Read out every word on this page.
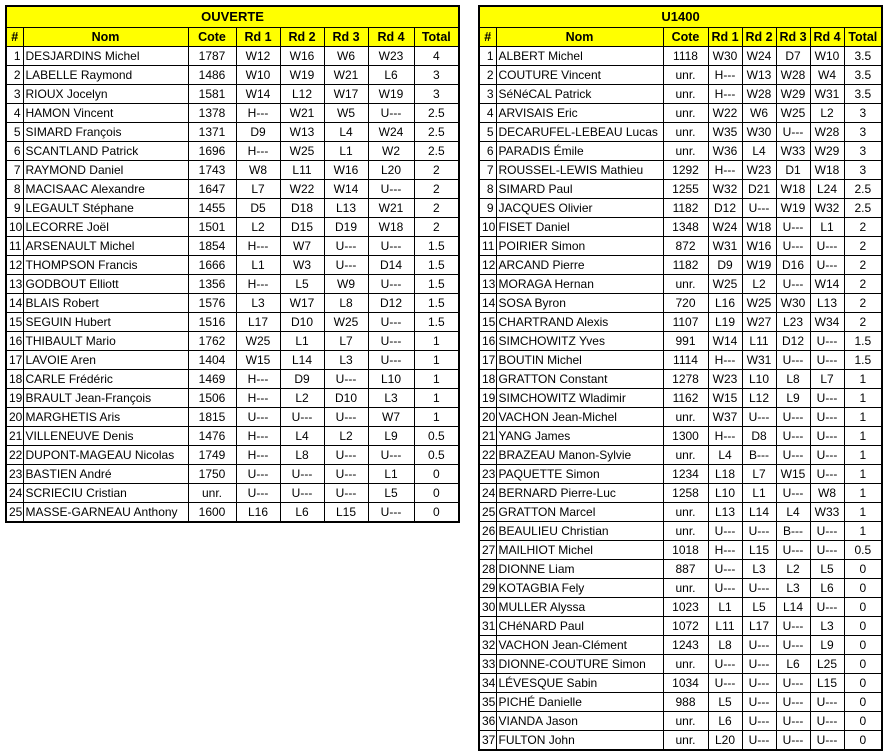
OUVERTE							
#	Nom	Cote	Rd 1	Rd 2	Rd 3	Rd 4	Total
1	DESJARDINS Michel	1787	W12	W16	W6	W23	4
2	LABELLE Raymond	1486	W10	W19	W21	L6	3
3	RIOUX Jocelyn	1581	W14	L12	W17	W19	3
4	HAMON Vincent	1378	H---	W21	W5	U---	2.5
5	SIMARD François	1371	D9	W13	L4	W24	2.5
6	SCANTLAND Patrick	1696	H---	W25	L1	W2	2.5
7	RAYMOND Daniel	1743	W8	L11	W16	L20	2
8	MACISAAC Alexandre	1647	L7	W22	W14	U---	2
9	LEGAULT Stéphane	1455	D5	D18	L13	W21	2
10	LECORRE Joël	1501	L2	D15	D19	W18	2
11	ARSENAULT Michel	1854	H---	W7	U---	U---	1.5
12	THOMPSON Francis	1666	L1	W3	U---	D14	1.5
13	GODBOUT Elliott	1356	H---	L5	W9	U---	1.5
14	BLAIS Robert	1576	L3	W17	L8	D12	1.5
15	SEGUIN Hubert	1516	L17	D10	W25	U---	1.5
16	THIBAULT Mario	1762	W25	L1	L7	U---	1
17	LAVOIE Aren	1404	W15	L14	L3	U---	1
18	CARLE Frédéric	1469	H---	D9	U---	L10	1
19	BRAULT Jean-François	1506	H---	L2	D10	L3	1
20	MARGHETIS Aris	1815	U---	U---	U---	W7	1
21	VILLENEUVE Denis	1476	H---	L4	L2	L9	0.5
22	DUPONT-MAGEAU Nicolas	1749	H---	L8	U---	U---	0.5
23	BASTIEN André	1750	U---	U---	U---	L1	0
24	SCRIECIU Cristian	unr.	U---	U---	U---	L5	0
25	MASSE-GARNEAU Anthony	1600	L16	L6	L15	U---	0
U1400							
#	Nom	Cote	Rd 1	Rd 2	Rd 3	Rd 4	Total
1	ALBERT Michel	1118	W30	W24	D7	W10	3.5
2	COUTURE Vincent	unr.	H---	W13	W28	W4	3.5
3	SéNéCAL Patrick	unr.	H---	W28	W29	W31	3.5
4	ARVISAIS Eric	unr.	W22	W6	W25	L2	3
5	DECARUFEL-LEBEAU Lucas	unr.	W35	W30	U---	W28	3
6	PARADIS Émile	unr.	W36	L4	W33	W29	3
7	ROUSSEL-LEWIS Mathieu	1292	H---	W23	D1	W18	3
8	SIMARD Paul	1255	W32	D21	W18	L24	2.5
9	JACQUES Olivier	1182	D12	U---	W19	W32	2.5
10	FISET Daniel	1348	W24	W18	U---	L1	2
11	POIRIER Simon	872	W31	W16	U---	U---	2
12	ARCAND Pierre	1182	D9	W19	D16	U---	2
13	MORAGA Hernan	unr.	W25	L2	U---	W14	2
14	SOSA Byron	720	L16	W25	W30	L13	2
15	CHARTRAND Alexis	1107	L19	W27	L23	W34	2
16	SIMCHOWITZ Yves	991	W14	L11	D12	U---	1.5
17	BOUTIN Michel	1114	H---	W31	U---	U---	1.5
18	GRATTON Constant	1278	W23	L10	L8	L7	1
19	SIMCHOWITZ Wladimir	1162	W15	L12	L9	U---	1
20	VACHON Jean-Michel	unr.	W37	U---	U---	U---	1
21	YANG James	1300	H---	D8	U---	U---	1
22	BRAZEAU Manon-Sylvie	unr.	L4	B---	U---	U---	1
23	PAQUETTE Simon	1234	L18	L7	W15	U---	1
24	BERNARD Pierre-Luc	1258	L10	L1	U---	W8	1
25	GRATTON Marcel	unr.	L13	L14	L4	W33	1
26	BEAULIEU Christian	unr.	U---	U---	B---	U---	1
27	MAILHIOT Michel	1018	H---	L15	U---	U---	0.5
28	DIONNE Liam	887	U---	L3	L2	L5	0
29	KOTAGBIA Fely	unr.	U---	U---	L3	L6	0
30	MULLER Alyssa	1023	L1	L5	L14	U---	0
31	CHéNARD Paul	1072	L11	L17	U---	L3	0
32	VACHON Jean-Clément	1243	L8	U---	U---	L9	0
33	DIONNE-COUTURE Simon	unr.	U---	U---	L6	L25	0
34	LÉVESQUE Sabin	1034	U---	U---	U---	L15	0
35	PICHÉ Danielle	988	L5	U---	U---	U---	0
36	VIANDA Jason	unr.	L6	U---	U---	U---	0
37	FULTON John	unr.	L20	U---	U---	U---	0
